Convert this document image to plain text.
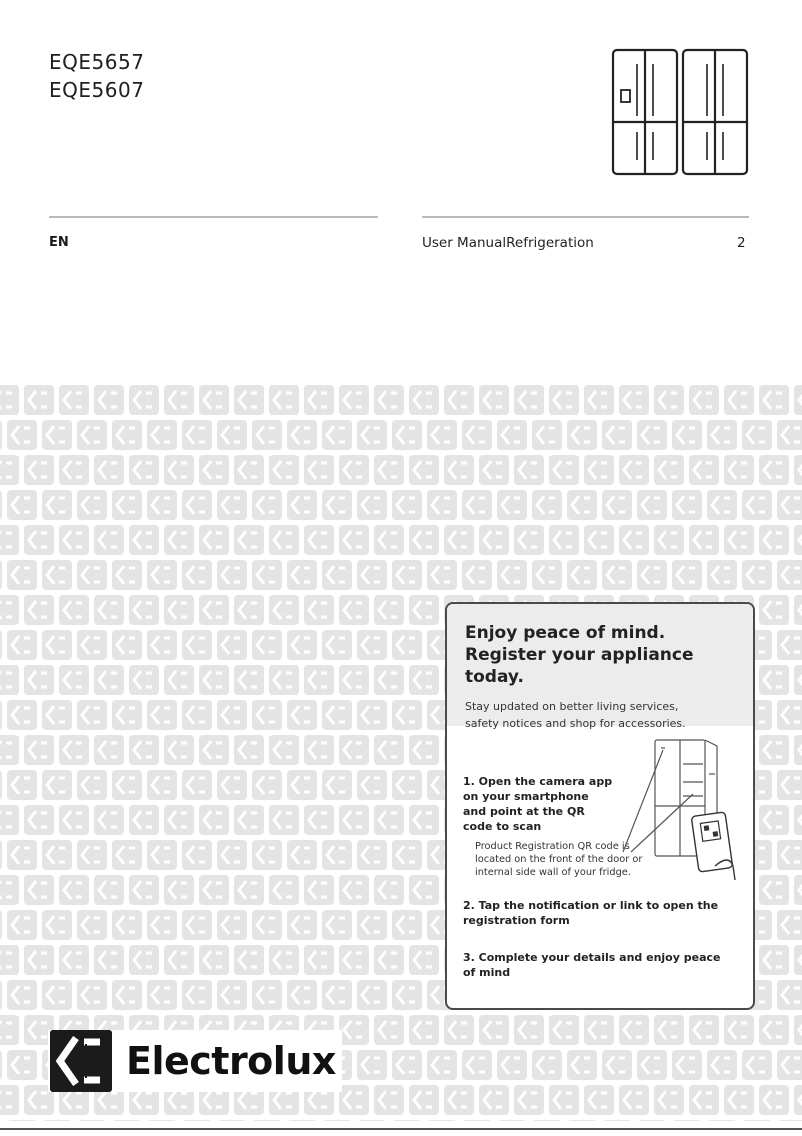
EQE5657
EQE5607
EN	User ManualRefrigeration	2
Electrolux
Enjoy peace of mind.
Register your appliance today.
Stay updated on better living services, safety notices and shop for accessories.
1. Open the camera app on your smartphone and point at the QR code to scan
Product Registration QR code is located on the front of the door or internal side wall of your fridge.
2. Tap the notification or link to open the registration form
3. Complete your details and enjoy peace of mind
